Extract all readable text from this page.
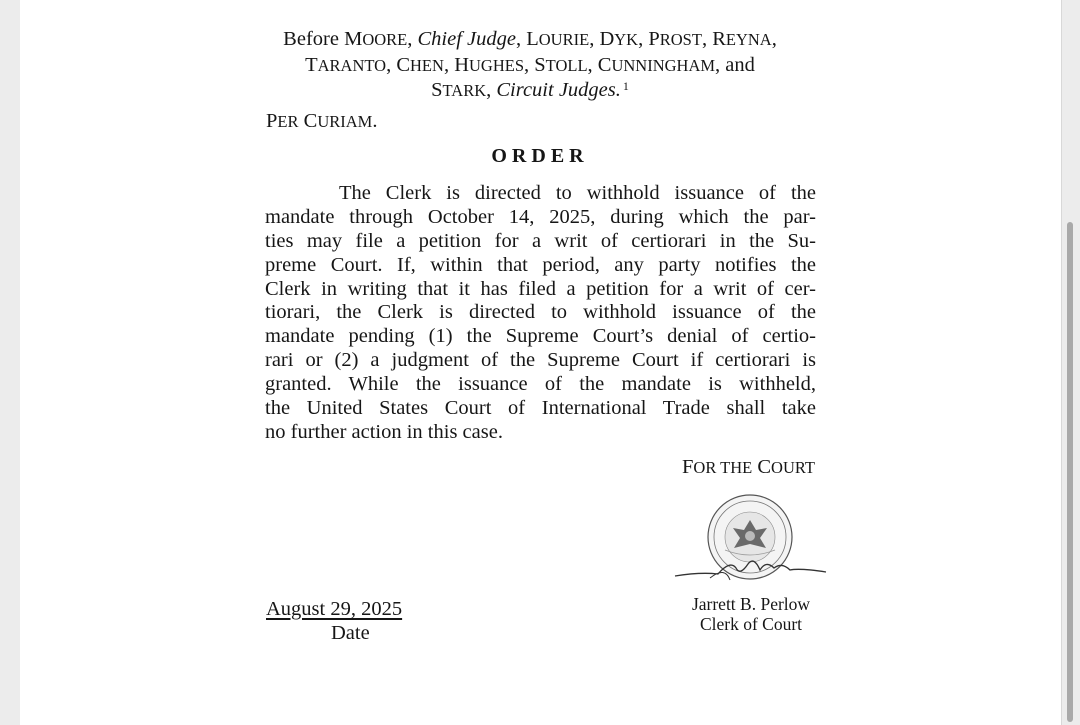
Before MOORE, Chief Judge, LOURIE, DYK, PROST, REYNA,
TARANTO, CHEN, HUGHES, STOLL, CUNNINGHAM, and
STARK, Circuit Judges. $^1$
PER CURIAM.
ORDER
The Clerk is directed to withhold issuance of the
mandate through October 14, 2025, during which the par-
ties may file a petition for a writ of certiorari in the Su-
preme Court. If, within that period, any party notifies the
Clerk in writing that it has filed a petition for a writ of cer-
tiorari, the Clerk is directed to withhold issuance of the
mandate pending (1) the Supreme Court’s denial of certio-
rari or (2) a judgment of the Supreme Court if certiorari is
granted. While the issuance of the mandate is withheld,
the United States Court of International Trade shall take
no further action in this case.
FOR THE COURT
August 29, 2025
Date
Jarrett B. Perlow
Clerk of Court
